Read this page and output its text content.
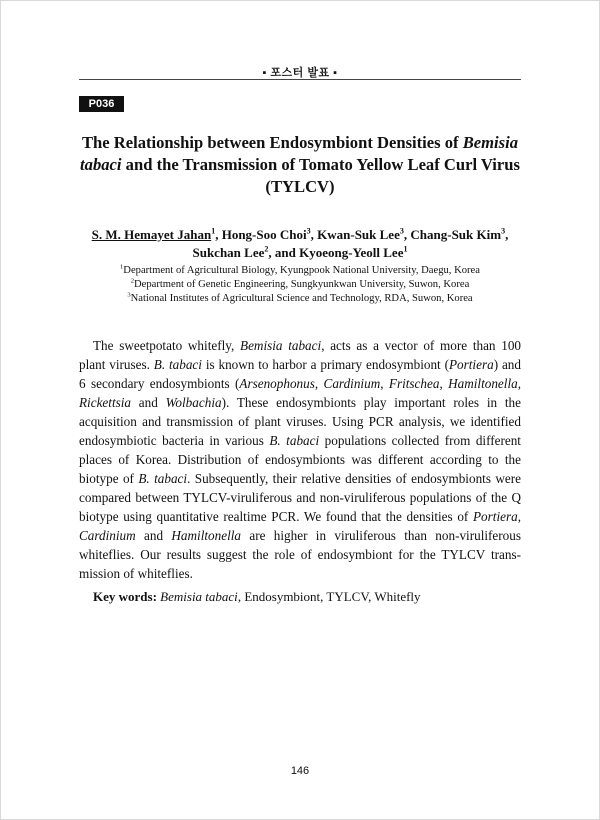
▪ 포스터 발표 ▪
P036
The Relationship between Endosymbiont Densities of Bemisia tabaci and the Transmission of Tomato Yellow Leaf Curl Virus (TYLCV)
S. M. Hemayet Jahan$^1$, Hong-Soo Choi$^3$, Kwan-Suk Lee$^3$, Chang-Suk Kim$^3$,
Sukchan Lee$^2$, and Kyoeong-Yeoll Lee$^1$
$^1$Department of Agricultural Biology, Kyungpook National University, Daegu, Korea
$^2$Department of Genetic Engineering, Sungkyunkwan University, Suwon, Korea
$^3$National Institutes of Agricultural Science and Technology, RDA, Suwon, Korea

The sweetpotato whitefly, Bemisia tabaci, acts as a vector of more than 100 plant viruses. B. tabaci is known to harbor a primary endosymbiont (Portiera) and 6 secondary endosymbionts (Arsenophonus, Cardinium, Fritschea, Hamiltonella, Rickettsia and Wolbachia). These endosymbionts play important roles in the acquisition and transmission of plant viruses. Using PCR analysis, we identified endosymbiotic bacteria in various B. tabaci populations collected from different places of Korea. Distribution of endosymbionts was different according to the biotype of B. tabaci. Subsequently, their relative densities of endosymbionts were compared between TYLCV-viruliferous and non-viruliferous populations of the Q biotype using quantitative realtime PCR. We found that the densities of Portiera, Cardinium and Hamiltonella are higher in viruliferous than non-viruliferous whiteflies. Our results suggest the role of endosymbiont for the TYLCV transmission of whiteflies.

Key words: Bemisia tabaci, Endosymbiont, TYLCV, Whitefly
146
